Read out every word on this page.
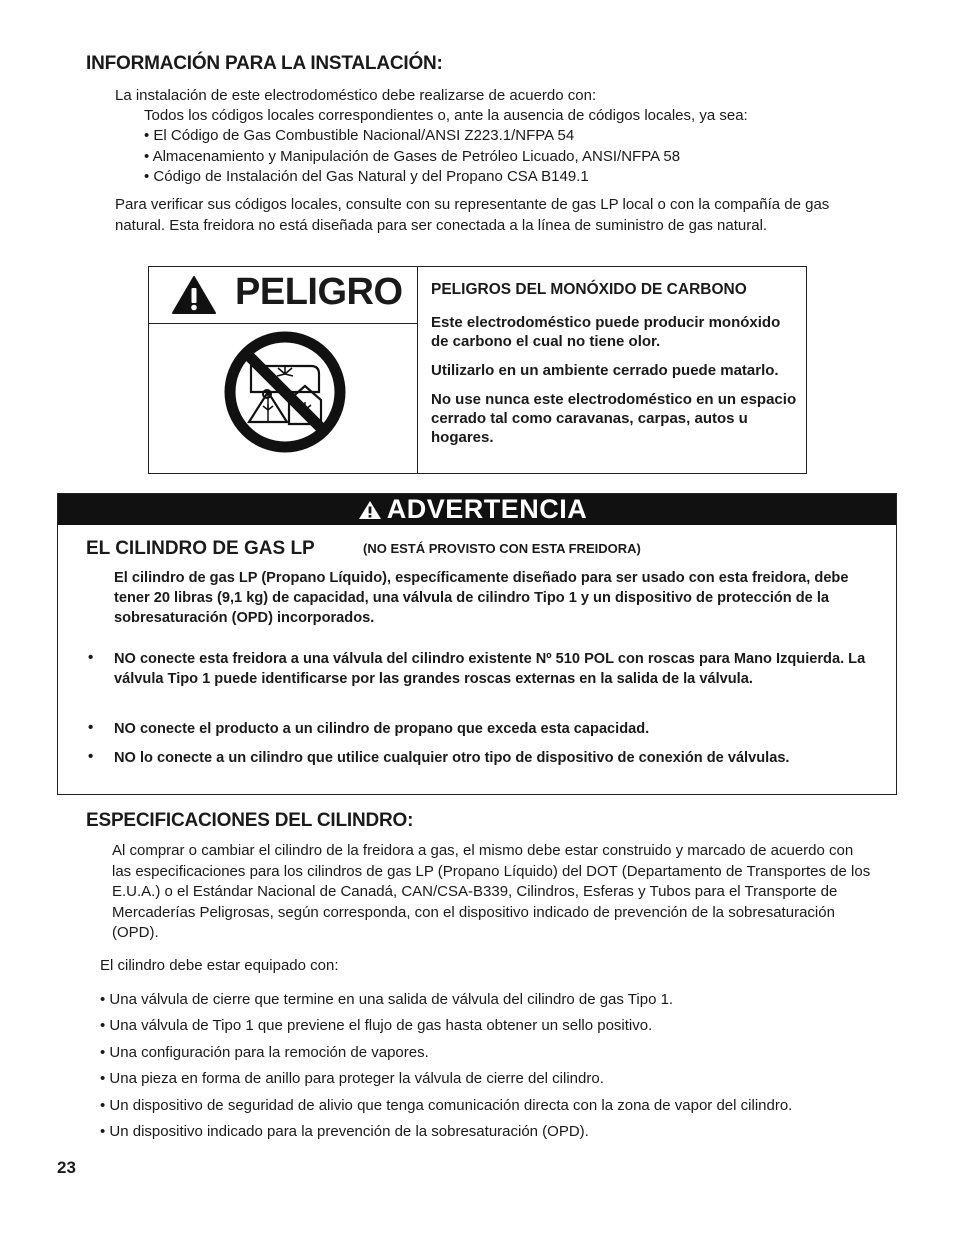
INFORMACIÓN PARA LA INSTALACIÓN:
La instalación de este electrodoméstico debe realizarse de acuerdo con:
Todos los códigos locales correspondientes o, ante la ausencia de códigos locales, ya sea:
• El Código de Gas Combustible Nacional/ANSI Z223.1/NFPA 54
• Almacenamiento y Manipulación de Gases de Petróleo Licuado, ANSI/NFPA 58
• Código de Instalación del Gas Natural y del Propano CSA B149.1
Para verificar sus códigos locales, consulte con su representante de gas LP local o con la compañía de gas natural. Esta freidora no está diseñada para ser conectada a la línea de suministro de gas natural.
PELIGRO PELIGROS DEL MONÓXIDO DE CARBONO
Este electrodoméstico puede producir monóxido de carbono el cual no tiene olor.
Utilizarlo en un ambiente cerrado puede matarlo.
No use nunca este electrodoméstico en un espacio cerrado tal como caravanas, carpas, autos u hogares.
ADVERTENCIA
EL CILINDRO DE GAS LP	(NO ESTÁ PROVISTO CON ESTA FREIDORA)
El cilindro de gas LP (Propano Líquido), específicamente diseñado para ser usado con esta freidora, debe tener 20 libras (9,1 kg) de capacidad, una válvula de cilindro Tipo 1 y un dispositivo de protección de la sobresaturación (OPD) incorporados.
• NO conecte esta freidora a una válvula del cilindro existente Nº 510 POL con roscas para Mano Izquierda. La válvula Tipo 1 puede identificarse por las grandes roscas externas en la salida de la válvula.
• NO conecte el producto a un cilindro de propano que exceda esta capacidad.
• NO lo conecte a un cilindro que utilice cualquier otro tipo de dispositivo de conexión de válvulas.
ESPECIFICACIONES DEL CILINDRO:
Al comprar o cambiar el cilindro de la freidora a gas, el mismo debe estar construido y marcado de acuerdo con las especificaciones para los cilindros de gas LP (Propano Líquido) del DOT (Departamento de Transportes de los E.U.A.) o el Estándar Nacional de Canadá, CAN/CSA-B339, Cilindros, Esferas y Tubos para el Transporte de Mercaderías Peligrosas, según corresponda, con el dispositivo indicado de prevención de la sobresaturación (OPD).
El cilindro debe estar equipado con:
• Una válvula de cierre que termine en una salida de válvula del cilindro de gas Tipo 1.
• Una válvula de Tipo 1 que previene el flujo de gas hasta obtener un sello positivo.
• Una configuración para la remoción de vapores.
• Una pieza en forma de anillo para proteger la válvula de cierre del cilindro.
• Un dispositivo de seguridad de alivio que tenga comunicación directa con la zona de vapor del cilindro.
• Un dispositivo indicado para la prevención de la sobresaturación (OPD).
23
